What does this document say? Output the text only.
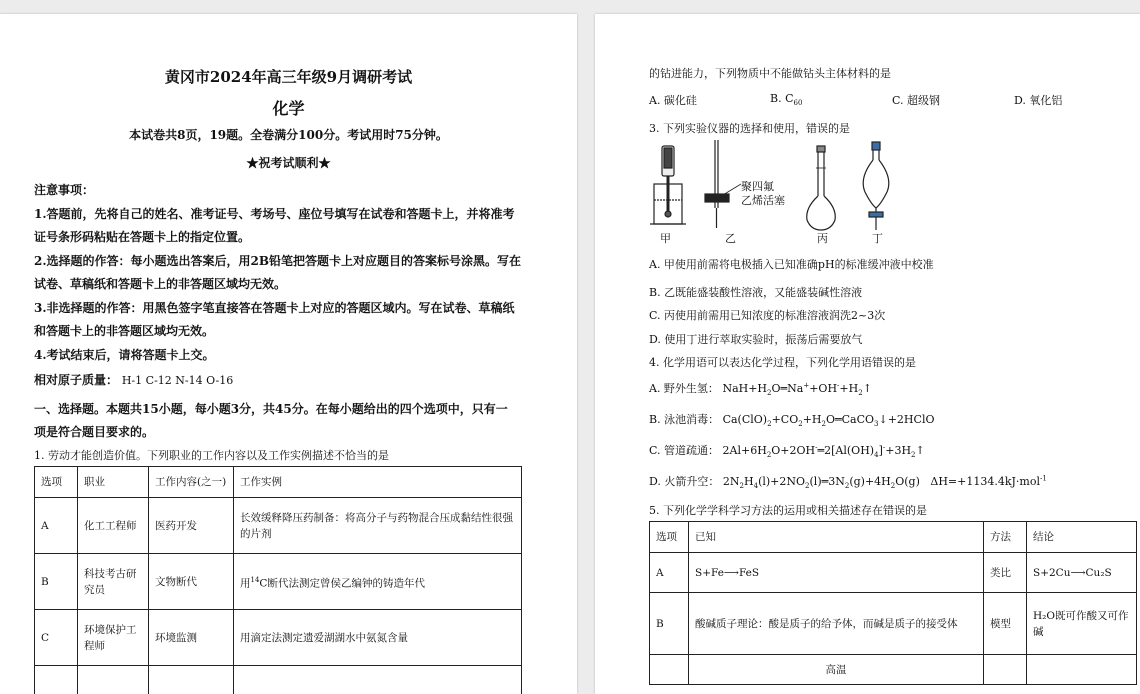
黄冈市2024年高三年级9月调研考试
化学
本试卷共8页，19题。全卷满分100分。考试用时75分钟。
★祝考试顺利★
注意事项：
1.答题前，先将自己的姓名、准考证号、考场号、座位号填写在试卷和答题卡上，并将准考
证号条形码粘贴在答题卡上的指定位置。
2.选择题的作答：每小题选出答案后，用2B铅笔把答题卡上对应题目的答案标号涂黑。写在
试卷、草稿纸和答题卡上的非答题区域均无效。
3.非选择题的作答：用黑色签字笔直接答在答题卡上对应的答题区域内。写在试卷、草稿纸
和答题卡上的非答题区域均无效。
4.考试结束后，请将答题卡上交。
相对原子质量： H-1 C-12 N-14 O-16
一、选择题。本题共15小题，每小题3分，共45分。在每小题给出的四个选项中，只有一
项是符合题目要求的。
1. 劳动才能创造价值。下列职业的工作内容以及工作实例描述不恰当的是
选项	职业	工作内容(之一)	工作实例
A	化工工程师	医药开发	长效缓释降压药制备：将高分子与药物混合压成黏结性很强的片剂
B	科技考古研究员	文物断代	用$^{14}$C断代法测定曾侯乙编钟的铸造年代
C	环境保护工程师	环境监测	用滴定法测定遗爱湖湖水中氨氮含量

的钻进能力，下列物质中不能做钻头主体材料的是
A. 碳化硅	B. $C_{60}$	C. 超级钢	D. 氧化铝
3. 下列实验仪器的选择和使用，错误的是
聚四氟
乙烯活塞
甲	乙	丙	丁
A. 甲使用前需将电极插入已知准确pH的标准缓冲液中校准
B. 乙既能盛装酸性溶液，又能盛装碱性溶液
C. 丙使用前需用已知浓度的标准溶液润洗2~3次
D. 使用丁进行萃取实验时，振荡后需要放气
4. 化学用语可以表达化学过程，下列化学用语错误的是
A. 野外生氢： $NaH+H_2O═Na^++OH^-+H_2↑$
B. 泳池消毒： $Ca(ClO)_2+CO_2+H_2O═CaCO_3↓+2HClO$
C. 管道疏通： $2Al+6H_2O+2OH^-═2[Al(OH)_4]^-+3H_2↑$
D. 火箭升空： $2N_2H_4(l)+2NO_2(l)═3N_2(g)+4H_2O(g)$   ΔH=+1134.4kJ·mol$^{-1}$
5. 下列化学学科学习方法的运用或相关描述存在错误的是
选项	已知	方法	结论
A	S+Fe⟶FeS	类比	S+2Cu⟶Cu₂S
B	酸碱质子理论：酸是质子的给予体，而碱是质子的接受体	模型	H₂O既可作酸又可作碱
	高温		
